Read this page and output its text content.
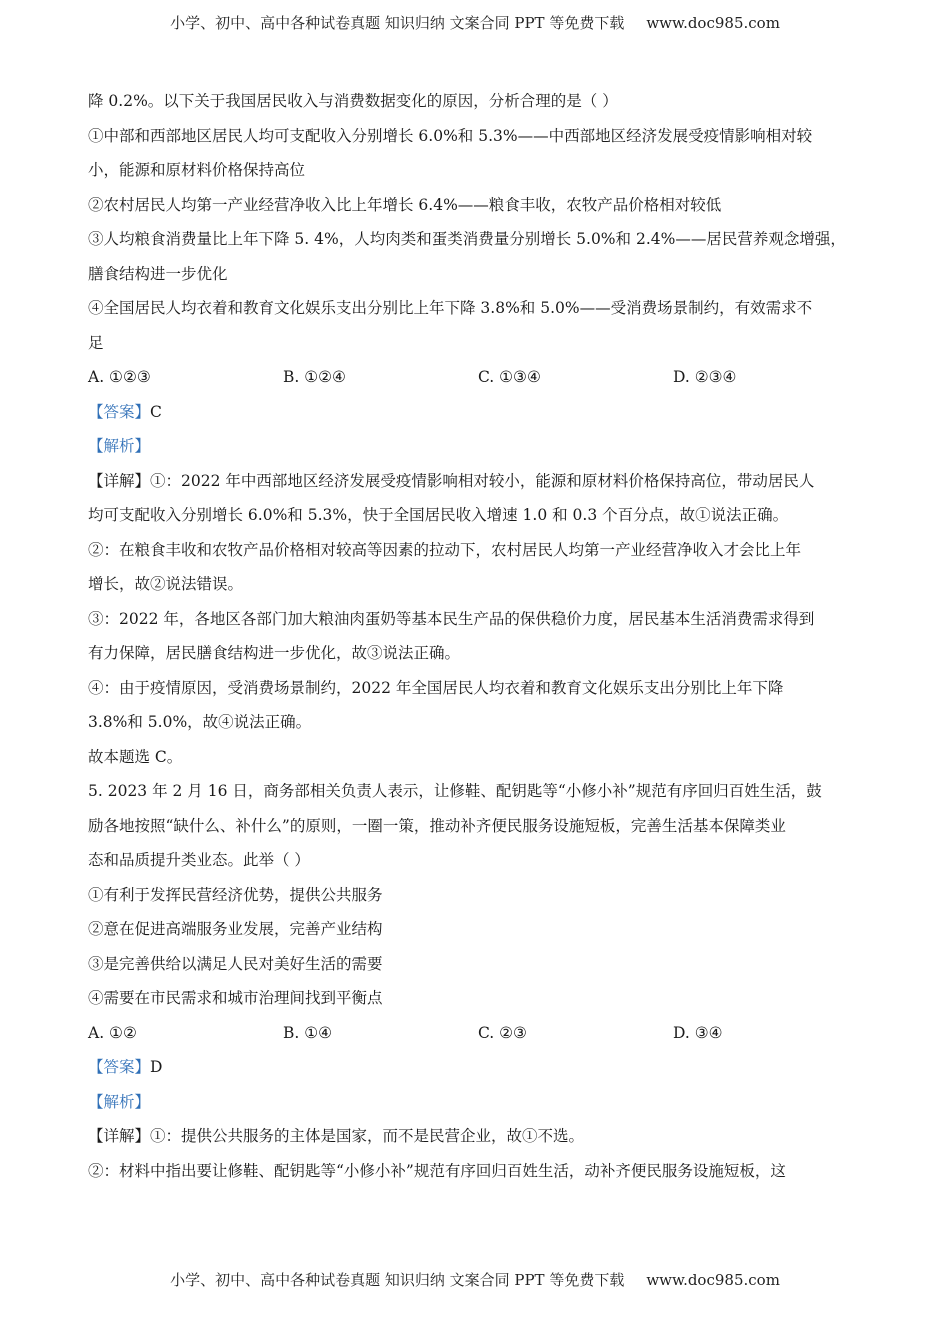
小学、初中、高中各种试卷真题 知识归纳 文案合同 PPT 等免费下载 www.doc985.com
降 0.2%。以下关于我国居民收入与消费数据变化的原因，分析合理的是（ ）
①中部和西部地区居民人均可支配收入分别增长 6.0%和 5.3%——中西部地区经济发展受疫情影响相对较
小，能源和原材料价格保持高位
②农村居民人均第一产业经营净收入比上年增长 6.4%——粮食丰收，农牧产品价格相对较低
③人均粮食消费量比上年下降 5. 4%，人均肉类和蛋类消费量分别增长 5.0%和 2.4%——居民营养观念增强，
膳食结构进一步优化
④全国居民人均衣着和教育文化娱乐支出分别比上年下降 3.8%和 5.0%——受消费场景制约，有效需求不
足
A. ①②③	B. ①②④	C. ①③④	D. ②③④
【答案】C
【解析】
【详解】①：2022 年中西部地区经济发展受疫情影响相对较小，能源和原材料价格保持高位，带动居民人
均可支配收入分别增长 6.0%和 5.3%，快于全国居民收入增速 1.0 和 0.3 个百分点，故①说法正确。
②：在粮食丰收和农牧产品价格相对较高等因素的拉动下，农村居民人均第一产业经营净收入才会比上年
增长，故②说法错误。
③：2022 年，各地区各部门加大粮油肉蛋奶等基本民生产品的保供稳价力度，居民基本生活消费需求得到
有力保障，居民膳食结构进一步优化，故③说法正确。
④：由于疫情原因，受消费场景制约，2022 年全国居民人均衣着和教育文化娱乐支出分别比上年下降
3.8%和 5.0%，故④说法正确。
故本题选 C。
5. 2023 年 2 月 16 日，商务部相关负责人表示，让修鞋、配钥匙等“小修小补”规范有序回归百姓生活，鼓
励各地按照“缺什么、补什么”的原则，一圈一策，推动补齐便民服务设施短板，完善生活基本保障类业
态和品质提升类业态。此举（ ）
①有利于发挥民营经济优势，提供公共服务
②意在促进高端服务业发展，完善产业结构
③是完善供给以满足人民对美好生活的需要
④需要在市民需求和城市治理间找到平衡点
A. ①②	B. ①④	C. ②③	D. ③④
【答案】D
【解析】
【详解】①：提供公共服务的主体是国家，而不是民营企业，故①不选。
②：材料中指出要让修鞋、配钥匙等“小修小补”规范有序回归百姓生活，动补齐便民服务设施短板，这
小学、初中、高中各种试卷真题 知识归纳 文案合同 PPT 等免费下载 www.doc985.com
